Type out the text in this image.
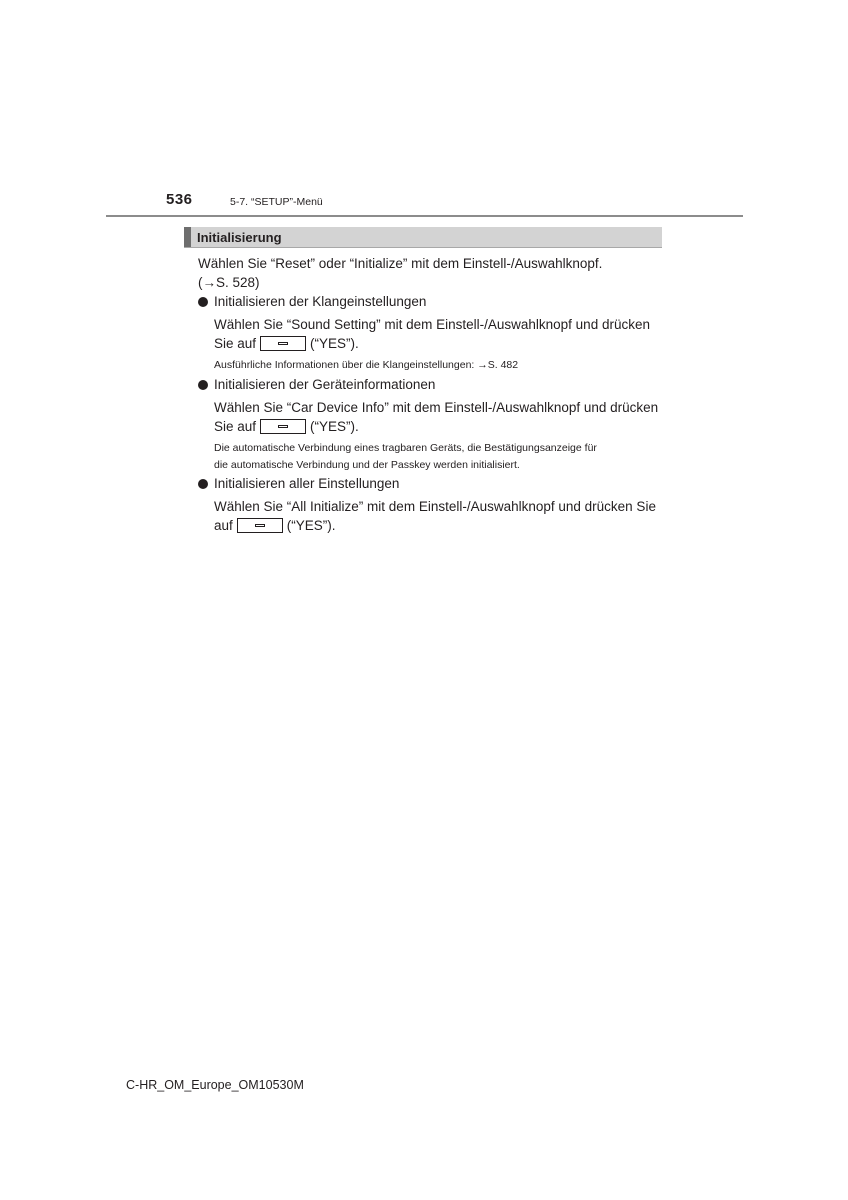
536	5-7. “SETUP”-Menü
Initialisierung
Wählen Sie “Reset” oder “Initialize” mit dem Einstell-/Auswahlknopf.
(→S. 528)
Initialisieren der Klangeinstellungen
Wählen Sie “Sound Setting” mit dem Einstell-/Auswahlknopf und drücken
Sie auf	(“YES”).
Ausführliche Informationen über die Klangeinstellungen: →S. 482
Initialisieren der Geräteinformationen
Wählen Sie “Car Device Info” mit dem Einstell-/Auswahlknopf und drücken
Sie auf	(“YES”).
Die automatische Verbindung eines tragbaren Geräts, die Bestätigungsanzeige für
die automatische Verbindung und der Passkey werden initialisiert.
Initialisieren aller Einstellungen
Wählen Sie “All Initialize” mit dem Einstell-/Auswahlknopf und drücken Sie
auf	(“YES”).
C-HR_OM_Europe_OM10530M
